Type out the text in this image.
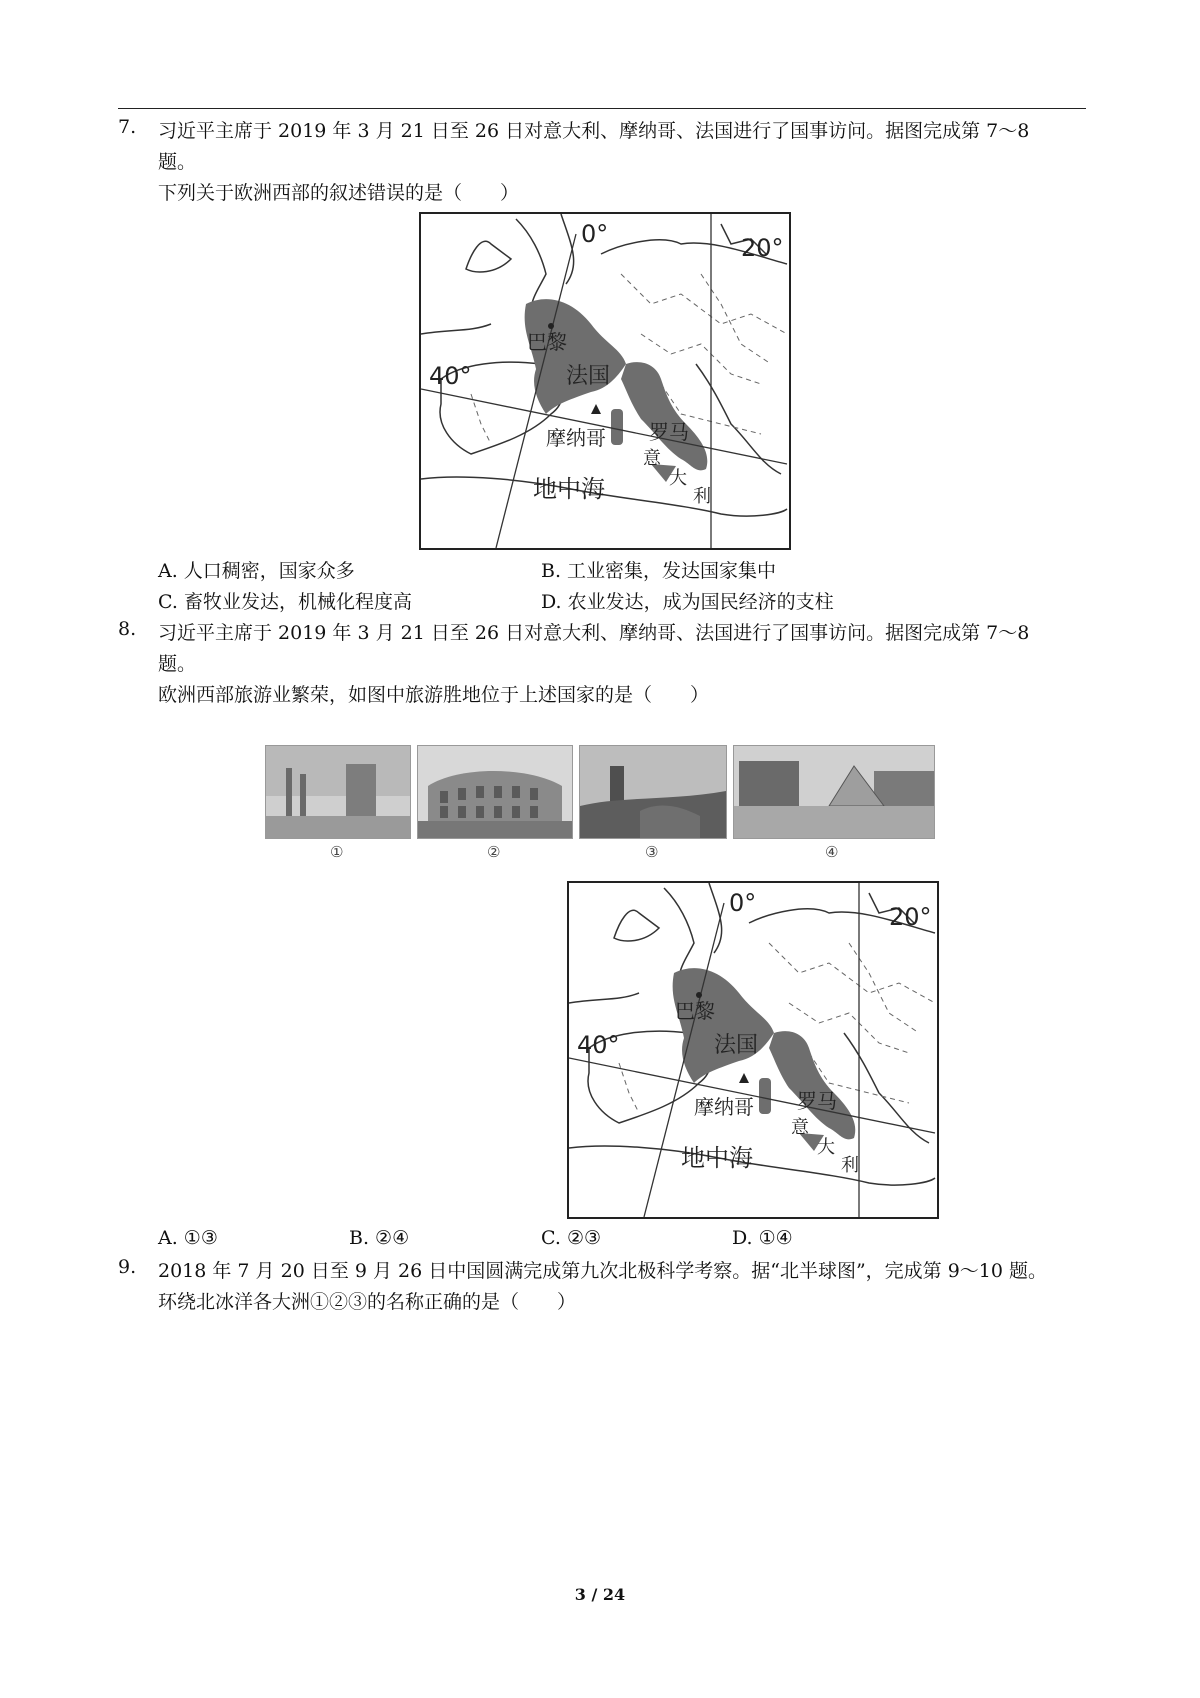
7. 习近平主席于 2019 年 3 月 21 日至 26 日对意大利、摩纳哥、法国进行了国事访问。据图完成第 7～8
题。
下列关于欧洲西部的叙述错误的是（　　）
0°	20°
40°
巴黎
法国
摩纳哥 罗马
意
大
利
地中海
A. 人口稠密，国家众多	B. 工业密集，发达国家集中
C. 畜牧业发达，机械化程度高	D. 农业发达，成为国民经济的支柱
8. 习近平主席于 2019 年 3 月 21 日至 26 日对意大利、摩纳哥、法国进行了国事访问。据图完成第 7～8
题。
欧洲西部旅游业繁荣，如图中旅游胜地位于上述国家的是（　　）
①	②	③	④
0°	20°
40°
巴黎
法国
摩纳哥 罗马
意
大
利
地中海
A. ①③	B. ②④	C. ②③	D. ①④
9. 2018 年 7 月 20 日至 9 月 26 日中国圆满完成第九次北极科学考察。据“北半球图”，完成第 9～10 题。
环绕北冰洋各大洲①②③的名称正确的是（　　）
3 / 24
